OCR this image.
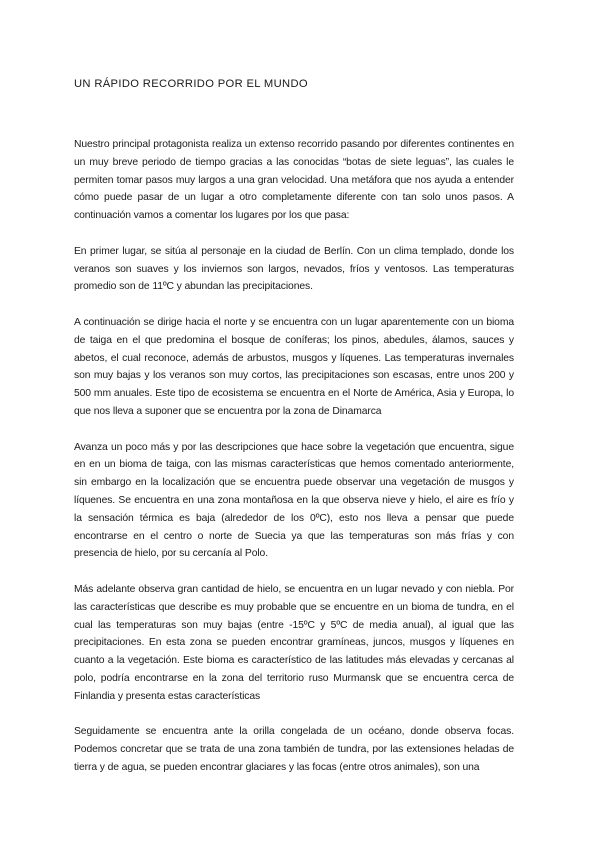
UN RÁPIDO RECORRIDO POR EL MUNDO

Nuestro principal protagonista realiza un extenso recorrido pasando por diferentes continentes en un muy breve periodo de tiempo gracias a las conocidas “botas de siete leguas”, las cuales le permiten tomar pasos muy largos a una gran velocidad. Una metáfora que nos ayuda a entender cómo puede pasar de un lugar a otro completamente diferente con tan solo unos pasos. A continuación vamos a comentar los lugares por los que pasa:

En primer lugar, se sitúa al personaje en la ciudad de Berlín. Con un clima templado, donde los veranos son suaves y los inviernos son largos, nevados, fríos y ventosos. Las temperaturas promedio son de 11ºC y abundan las precipitaciones.

A continuación se dirige hacia el norte y se encuentra con un lugar aparentemente con un bioma de taiga en el que predomina el bosque de coníferas; los pinos, abedules, álamos, sauces y abetos, el cual reconoce, además de arbustos, musgos y líquenes. Las temperaturas invernales son muy bajas y los veranos son muy cortos, las precipitaciones son escasas, entre unos 200 y 500 mm anuales. Este tipo de ecosistema se encuentra en el Norte de América, Asia y Europa, lo que nos lleva a suponer que se encuentra por la zona de Dinamarca

Avanza un poco más y por las descripciones que hace sobre la vegetación que encuentra, sigue en en un bioma de taiga, con las mismas características que hemos comentado anteriormente, sin embargo en la localización que se encuentra puede observar una vegetación de musgos y líquenes. Se encuentra en una zona montañosa en la que observa nieve y hielo, el aire es frío y la sensación térmica es baja (alrededor de los 0ºC), esto nos lleva a pensar que puede encontrarse en el centro o norte de Suecia ya que las temperaturas son más frías y con presencia de hielo, por su cercanía al Polo.

Más adelante observa gran cantidad de hielo, se encuentra en un lugar nevado y con niebla. Por las características que describe es muy probable que se encuentre en un bioma de tundra, en el cual las temperaturas son muy bajas (entre -15ºC y 5ºC de media anual), al igual que las precipitaciones. En esta zona se pueden encontrar gramíneas, juncos, musgos y líquenes en cuanto a la vegetación. Este bioma es característico de las latitudes más elevadas y cercanas al polo, podría encontrarse en la zona del territorio ruso Murmansk que se encuentra cerca de Finlandia y presenta estas características

Seguidamente se encuentra ante la orilla congelada de un océano, donde observa focas. Podemos concretar que se trata de una zona también de tundra, por las extensiones heladas de tierra y de agua, se pueden encontrar glaciares y las focas (entre otros animales), son una
